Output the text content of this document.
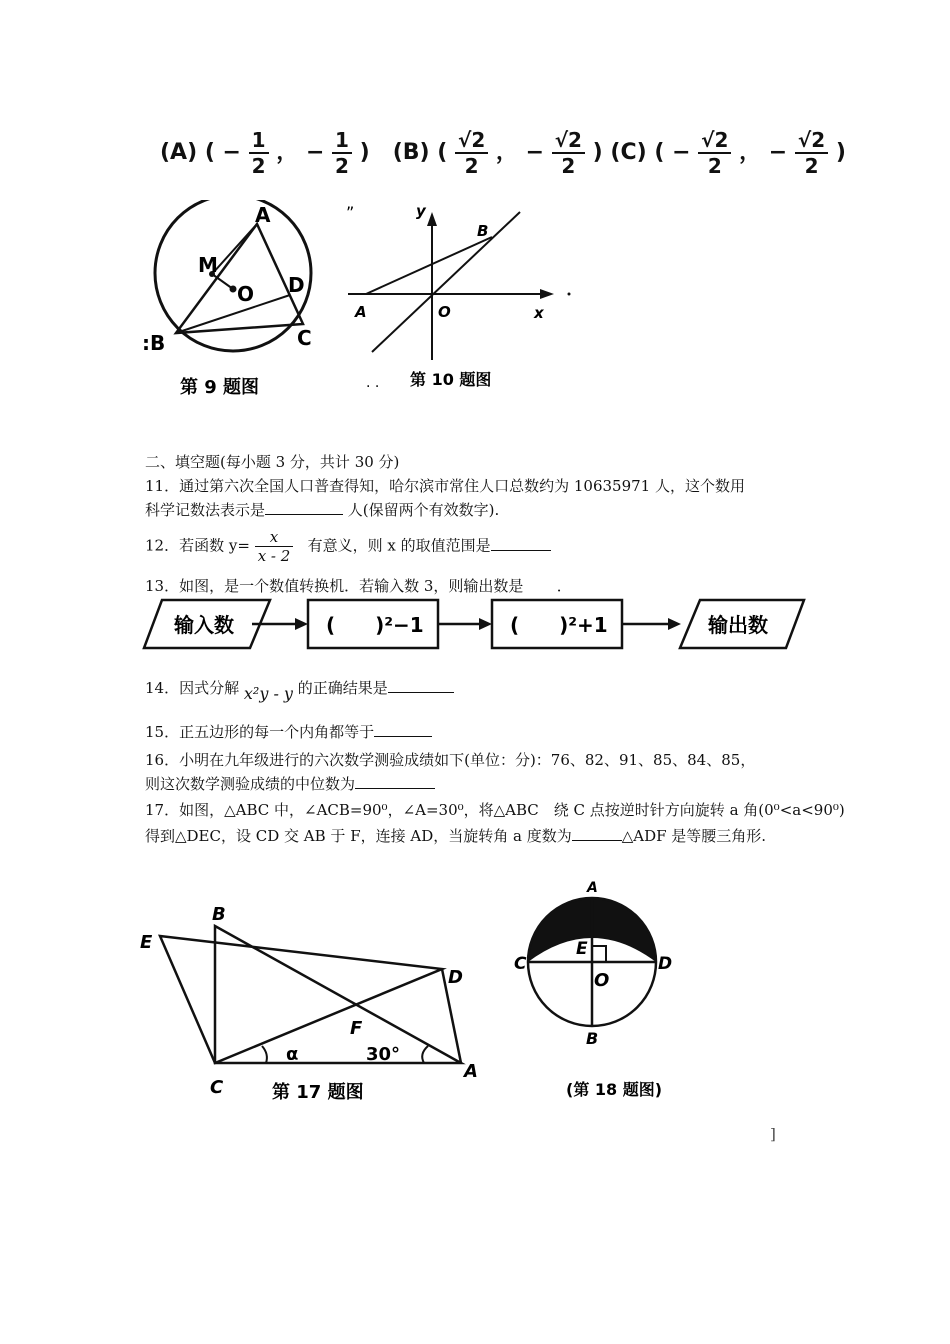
(A) ( − $\frac{1}{2}$ ， − $\frac{1}{2}$ ) (B) ( $\frac{√2}{2}$ ， − $\frac{√2}{2}$ ) (C) ( − $\frac{√2}{2}$ ， − $\frac{√2}{2}$ )
A
M
O D
:B	C
第 9 题图
”	y
B
A	O	x
. . 第 10 题图
二、填空题(每小题 3 分，共计 30 分)
11．通过第六次全国人口普查得知，哈尔滨市常住人口总数约为 10635971 人，这个数用
科学记数法表示是	人(保留两个有效数字).
12．若函数 $y= \frac{x}{x - 2}$ 有意义，则 x 的取值范围是
13．如图，是一个数值转换机．若输入数 3，则输出数是 ．
输入数	(　　)²−1	(　　)²+1	输出数
14．因式分解 x²y - y 的正确结果是
15．正五边形的每一个内角都等于
16．小明在九年级进行的六次数学测验成绩如下(单位：分)：76、82、91、85、84、85，
则这次数学测验成绩的中位数为
17．如图，△ABC 中，∠ACB=90⁰，∠A=30⁰，将△ABC　绕 C 点按逆时针方向旋转 a 角(0⁰<a<90⁰)
得到△DEC，设 CD 交 AB 于 F，连接 AD，当旋转角 a 度数为	△ADF 是等腰三角形.
B
E
D
F
α	30°
C
A
第 17 题图
A
E
C	D
O
B
(第 18 题图)
]
